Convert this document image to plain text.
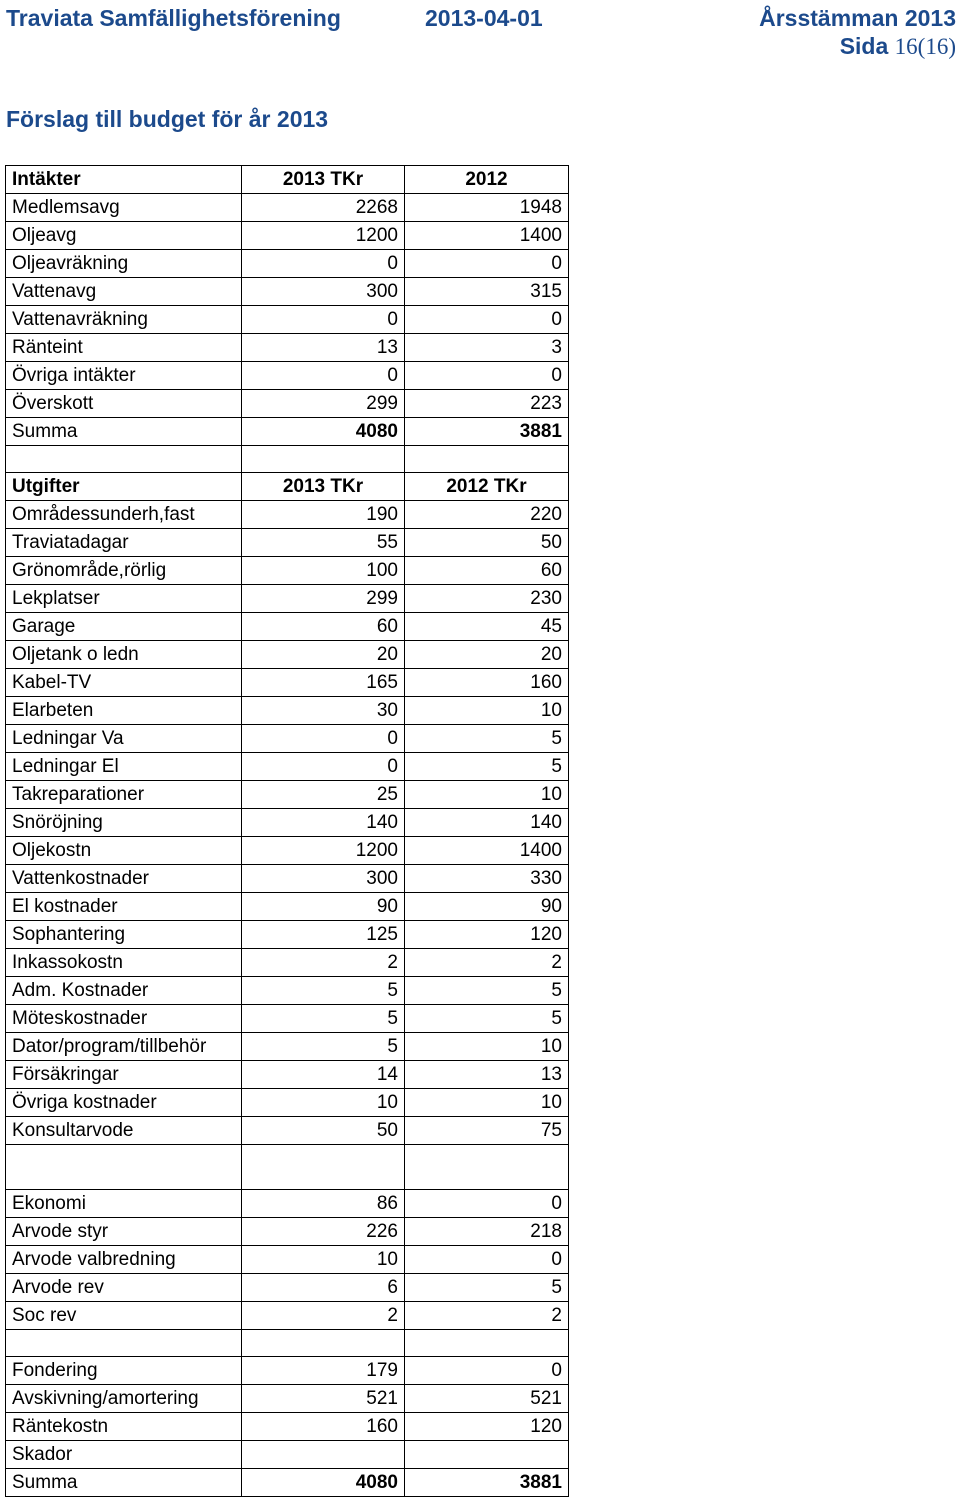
Traviata Samfällighetsförening	2013-04-01	Årsstämman 2013
Sida 16(16)
Förslag till budget för år 2013
Intäkter	2013 TKr	2012
Medlemsavg	2268	1948
Oljeavg	1200	1400
Oljeavräkning	0	0
Vattenavg	300	315
Vattenavräkning	0	0
Ränteint	13	3
Övriga intäkter	0	0
Överskott	299	223
Summa	4080	3881

Utgifter	2013 TKr	2012 TKr
Områdessunderh,fast	190	220
Traviatadagar	55	50
Grönområde,rörlig	100	60
Lekplatser	299	230
Garage	60	45
Oljetank o ledn	20	20
Kabel-TV	165	160
Elarbeten	30	10
Ledningar Va	0	5
Ledningar El	0	5
Takreparationer	25	10
Snöröjning	140	140
Oljekostn	1200	1400
Vattenkostnader	300	330
El kostnader	90	90
Sophantering	125	120
Inkassokostn	2	2
Adm. Kostnader	5	5
Möteskostnader	5	5
Dator/program/tillbehör	5	10
Försäkringar	14	13
Övriga kostnader	10	10
Konsultarvode	50	75

Ekonomi	86	0
Arvode styr	226	218
Arvode valbredning	10	0
Arvode rev	6	5
Soc rev	2	2

Fondering	179	0
Avskivning/amortering	521	521
Räntekostn	160	120
Skador		
Summa	4080	3881
